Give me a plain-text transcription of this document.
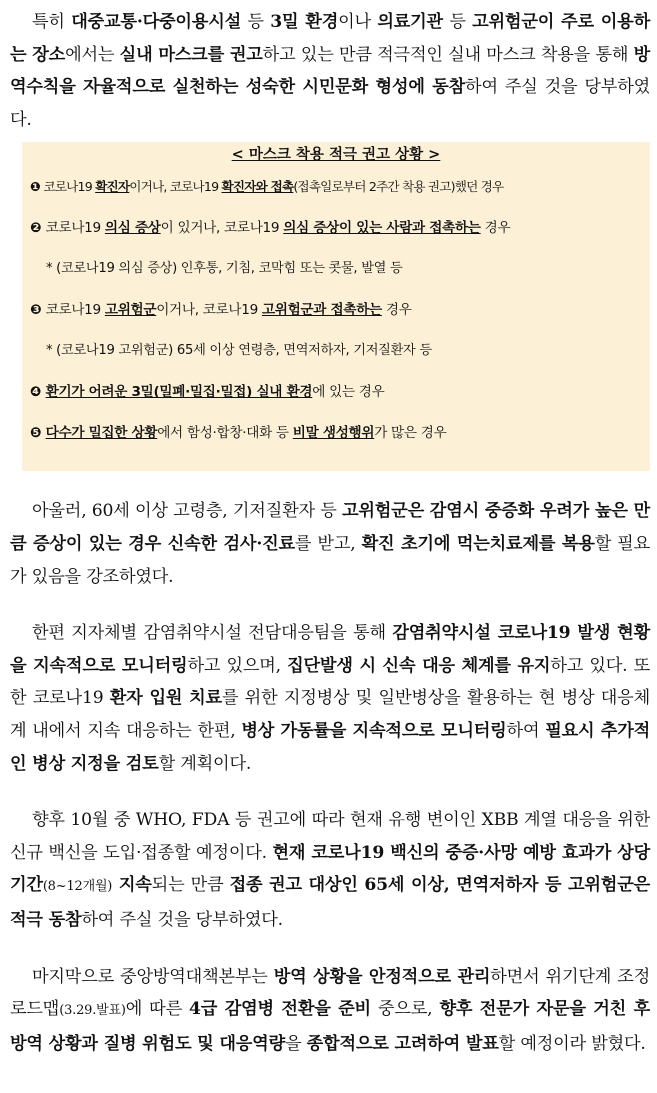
특히 대중교통·다중이용시설 등 3밀 환경이나 의료기관 등 고위험군이 주로 이용하는 장소에서는 실내 마스크를 권고하고 있는 만큼 적극적인 실내 마스크 착용을 통해 방역수칙을 자율적으로 실천하는 성숙한 시민문화 형성에 동참하여 주실 것을 당부하였다.

< 마스크 착용 적극 권고 상황 >
❶ 코로나19 확진자이거나, 코로나19 확진자와 접촉(접촉일로부터 2주간 착용 권고)했던 경우
❷ 코로나19 의심 증상이 있거나, 코로나19 의심 증상이 있는 사람과 접촉하는 경우
* (코로나19 의심 증상) 인후통, 기침, 코막힘 또는 콧물, 발열 등
❸ 코로나19 고위험군이거나, 코로나19 고위험군과 접촉하는 경우
* (코로나19 고위험군) 65세 이상 연령층, 면역저하자, 기저질환자 등
❹ 환기가 어려운 3밀(밀폐·밀집·밀접) 실내 환경에 있는 경우
❺ 다수가 밀집한 상황에서 함성·합창·대화 등 비말 생성행위가 많은 경우

아울러, 60세 이상 고령층, 기저질환자 등 고위험군은 감염시 중증화 우려가 높은 만큼 증상이 있는 경우 신속한 검사·진료를 받고, 확진 초기에 먹는치료제를 복용할 필요가 있음을 강조하였다.

한편 지자체별 감염취약시설 전담대응팀을 통해 감염취약시설 코로나19 발생 현황을 지속적으로 모니터링하고 있으며, 집단발생 시 신속 대응 체계를 유지하고 있다. 또한 코로나19 환자 입원 치료를 위한 지정병상 및 일반병상을 활용하는 현 병상 대응체계 내에서 지속 대응하는 한편, 병상 가동률을 지속적으로 모니터링하여 필요시 추가적인 병상 지정을 검토할 계획이다.

향후 10월 중 WHO, FDA 등 권고에 따라 현재 유행 변이인 XBB 계열 대응을 위한 신규 백신을 도입·접종할 예정이다. 현재 코로나19 백신의 중증·사망 예방 효과가 상당 기간(8~12개월) 지속되는 만큼 접종 권고 대상인 65세 이상, 면역저하자 등 고위험군은 적극 동참하여 주실 것을 당부하였다.

마지막으로 중앙방역대책본부는 방역 상황을 안정적으로 관리하면서 위기단계 조정 로드맵(3.29.발표)에 따른 4급 감염병 전환을 준비 중으로, 향후 전문가 자문을 거친 후 방역 상황과 질병 위험도 및 대응역량을 종합적으로 고려하여 발표할 예정이라 밝혔다.
